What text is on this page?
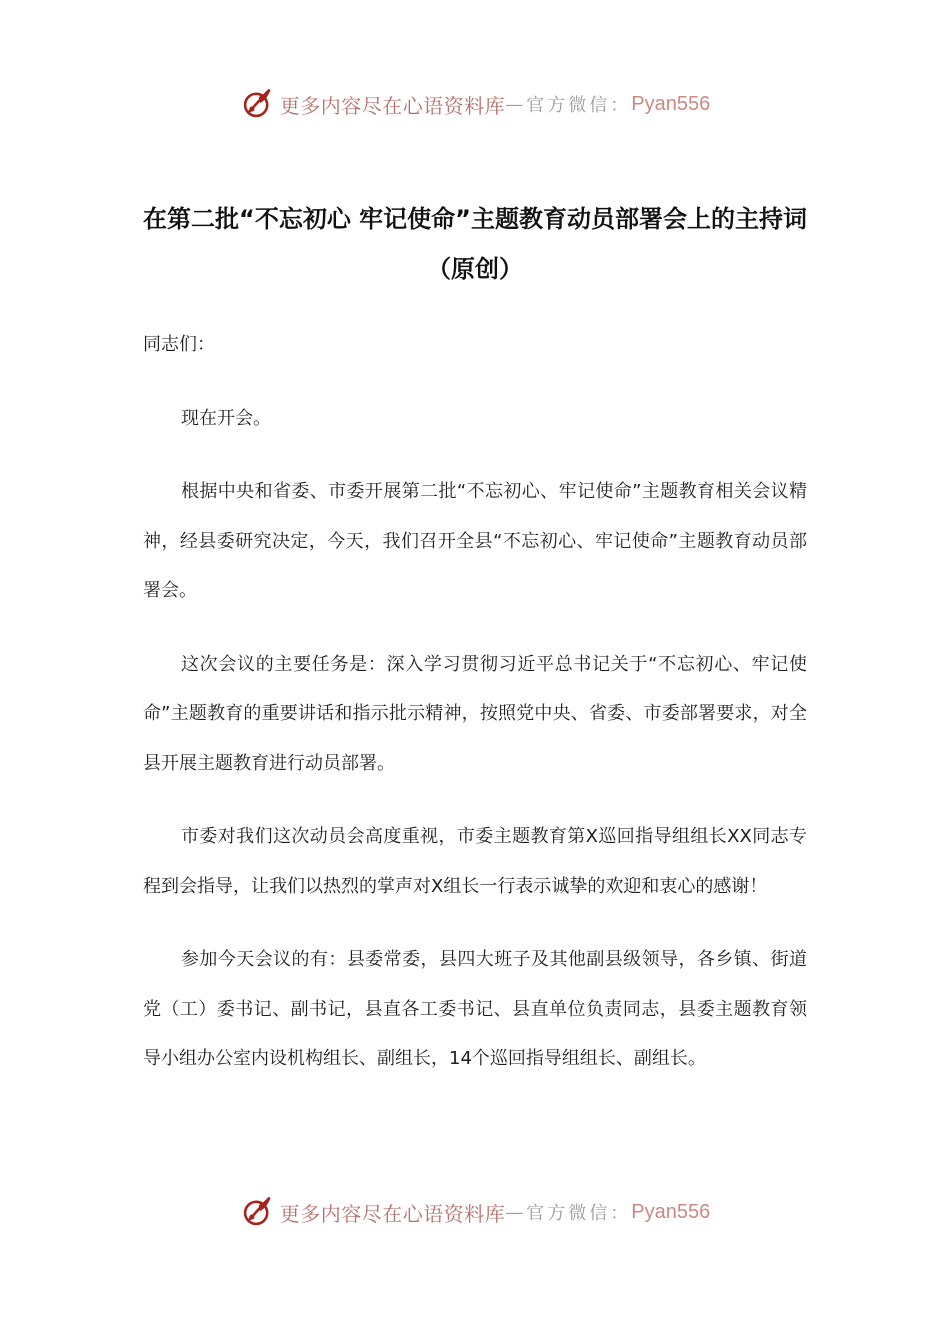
更多内容尽在心语资料库 — 官方微信： Pyan556
在第二批“不忘初心 牢记使命”主题教育动员部署会上的主持词（原创）

同志们：

现在开会。

根据中央和省委、市委开展第二批“不忘初心、牢记使命”主题教育相关会议精神，经县委研究决定，今天，我们召开全县“不忘初心、牢记使命”主题教育动员部署会。

这次会议的主要任务是：深入学习贯彻习近平总书记关于“不忘初心、牢记使命”主题教育的重要讲话和指示批示精神，按照党中央、省委、市委部署要求，对全县开展主题教育进行动员部署。

市委对我们这次动员会高度重视，市委主题教育第Ⅹ巡回指导组组长XX同志专程到会指导，让我们以热烈的掌声对Ⅹ组长一行表示诚挚的欢迎和衷心的感谢！

参加今天会议的有：县委常委，县四大班子及其他副县级领导，各乡镇、街道党（工）委书记、副书记，县直各工委书记、县直单位负责同志，县委主题教育领导小组办公室内设机构组长、副组长，14个巡回指导组组长、副组长。

更多内容尽在心语资料库 — 官方微信： Pyan556
